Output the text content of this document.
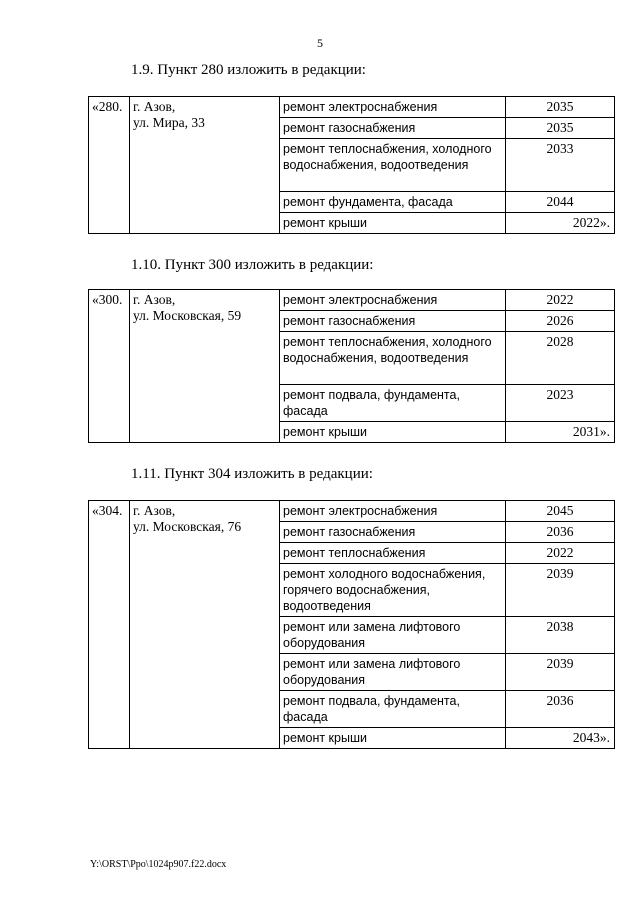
5
1.9. Пункт 280 изложить в редакции:
«280.	г. Азов,
ул. Мира, 33	ремонт электроснабжения	2035
		ремонт газоснабжения	2035
		ремонт теплоснабжения, холодного водоснабжения, водоотведения	2033
		ремонт фундамента, фасада	2044
		ремонт крыши	2022».
1.10. Пункт 300 изложить в редакции:
«300.	г. Азов,
ул. Московская, 59	ремонт электроснабжения	2022
		ремонт газоснабжения	2026
		ремонт теплоснабжения, холодного водоснабжения, водоотведения	2028
		ремонт подвала, фундамента, фасада	2023
		ремонт крыши	2031».
1.11. Пункт 304 изложить в редакции:
«304.	г. Азов,
ул. Московская, 76	ремонт электроснабжения	2045
		ремонт газоснабжения	2036
		ремонт теплоснабжения	2022
		ремонт холодного водоснабжения, горячего водоснабжения, водоотведения	2039
		ремонт или замена лифтового оборудования	2038
		ремонт или замена лифтового оборудования	2039
		ремонт подвала, фундамента, фасада	2036
		ремонт крыши	2043».
Y:\ORST\Ppo\1024p907.f22.docx
